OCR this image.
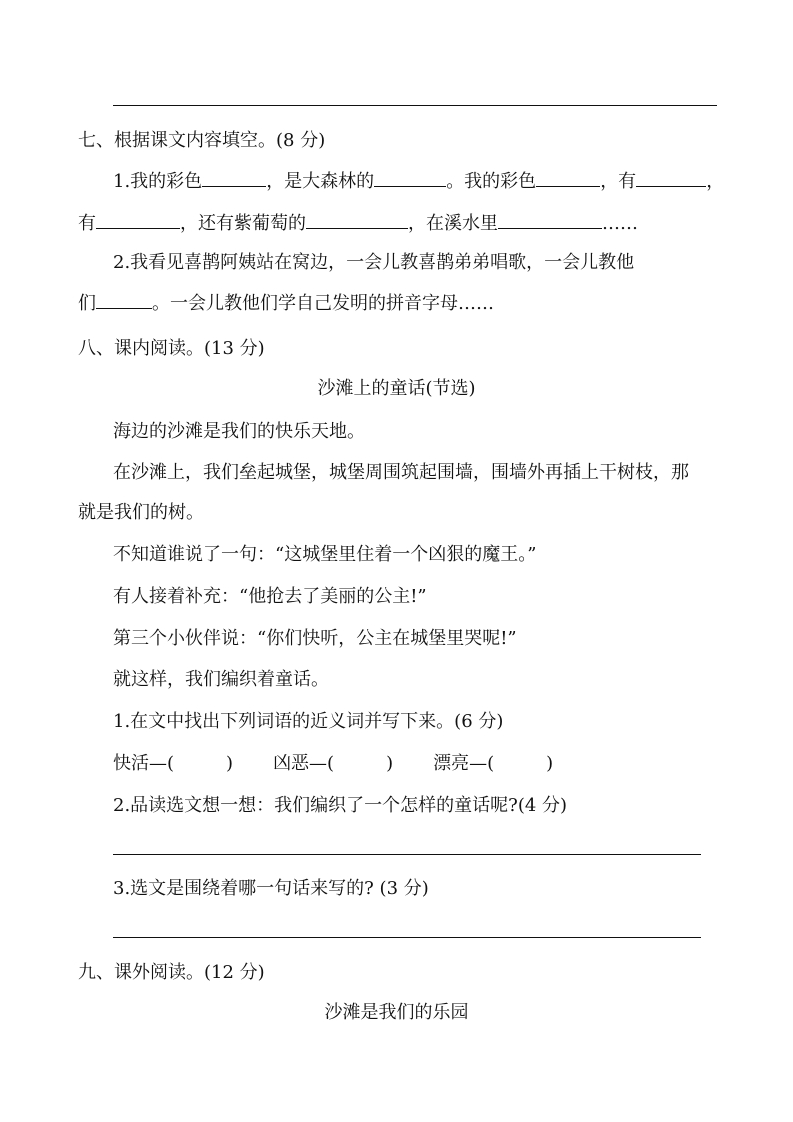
七、根据课文内容填空。(8 分)
1.我的彩色	，是大森林的	。我的彩色	，有	，
有	，还有紫葡萄的	，在溪水里	……
2.我看见喜鹊阿姨站在窝边，一会儿教喜鹊弟弟唱歌，一会儿教他
们	。一会儿教他们学自己发明的拼音字母……
八、课内阅读。(13 分)
沙滩上的童话(节选)
海边的沙滩是我们的快乐天地。
在沙滩上，我们垒起城堡，城堡周围筑起围墙，围墙外再插上干树枝，那
就是我们的树。
不知道谁说了一句：“这城堡里住着一个凶狠的魔王。”
有人接着补充：“他抢去了美丽的公主!”
第三个小伙伴说：“你们快听，公主在城堡里哭呢!”
就这样，我们编织着童话。
1.在文中找出下列词语的近义词并写下来。(6 分)
快活—(	) 凶恶—(	) 漂亮—(	)
2.品读选文想一想：我们编织了一个怎样的童话呢?(4 分)
3.选文是围绕着哪一句话来写的? (3 分)
九、课外阅读。(12 分)
沙滩是我们的乐园
